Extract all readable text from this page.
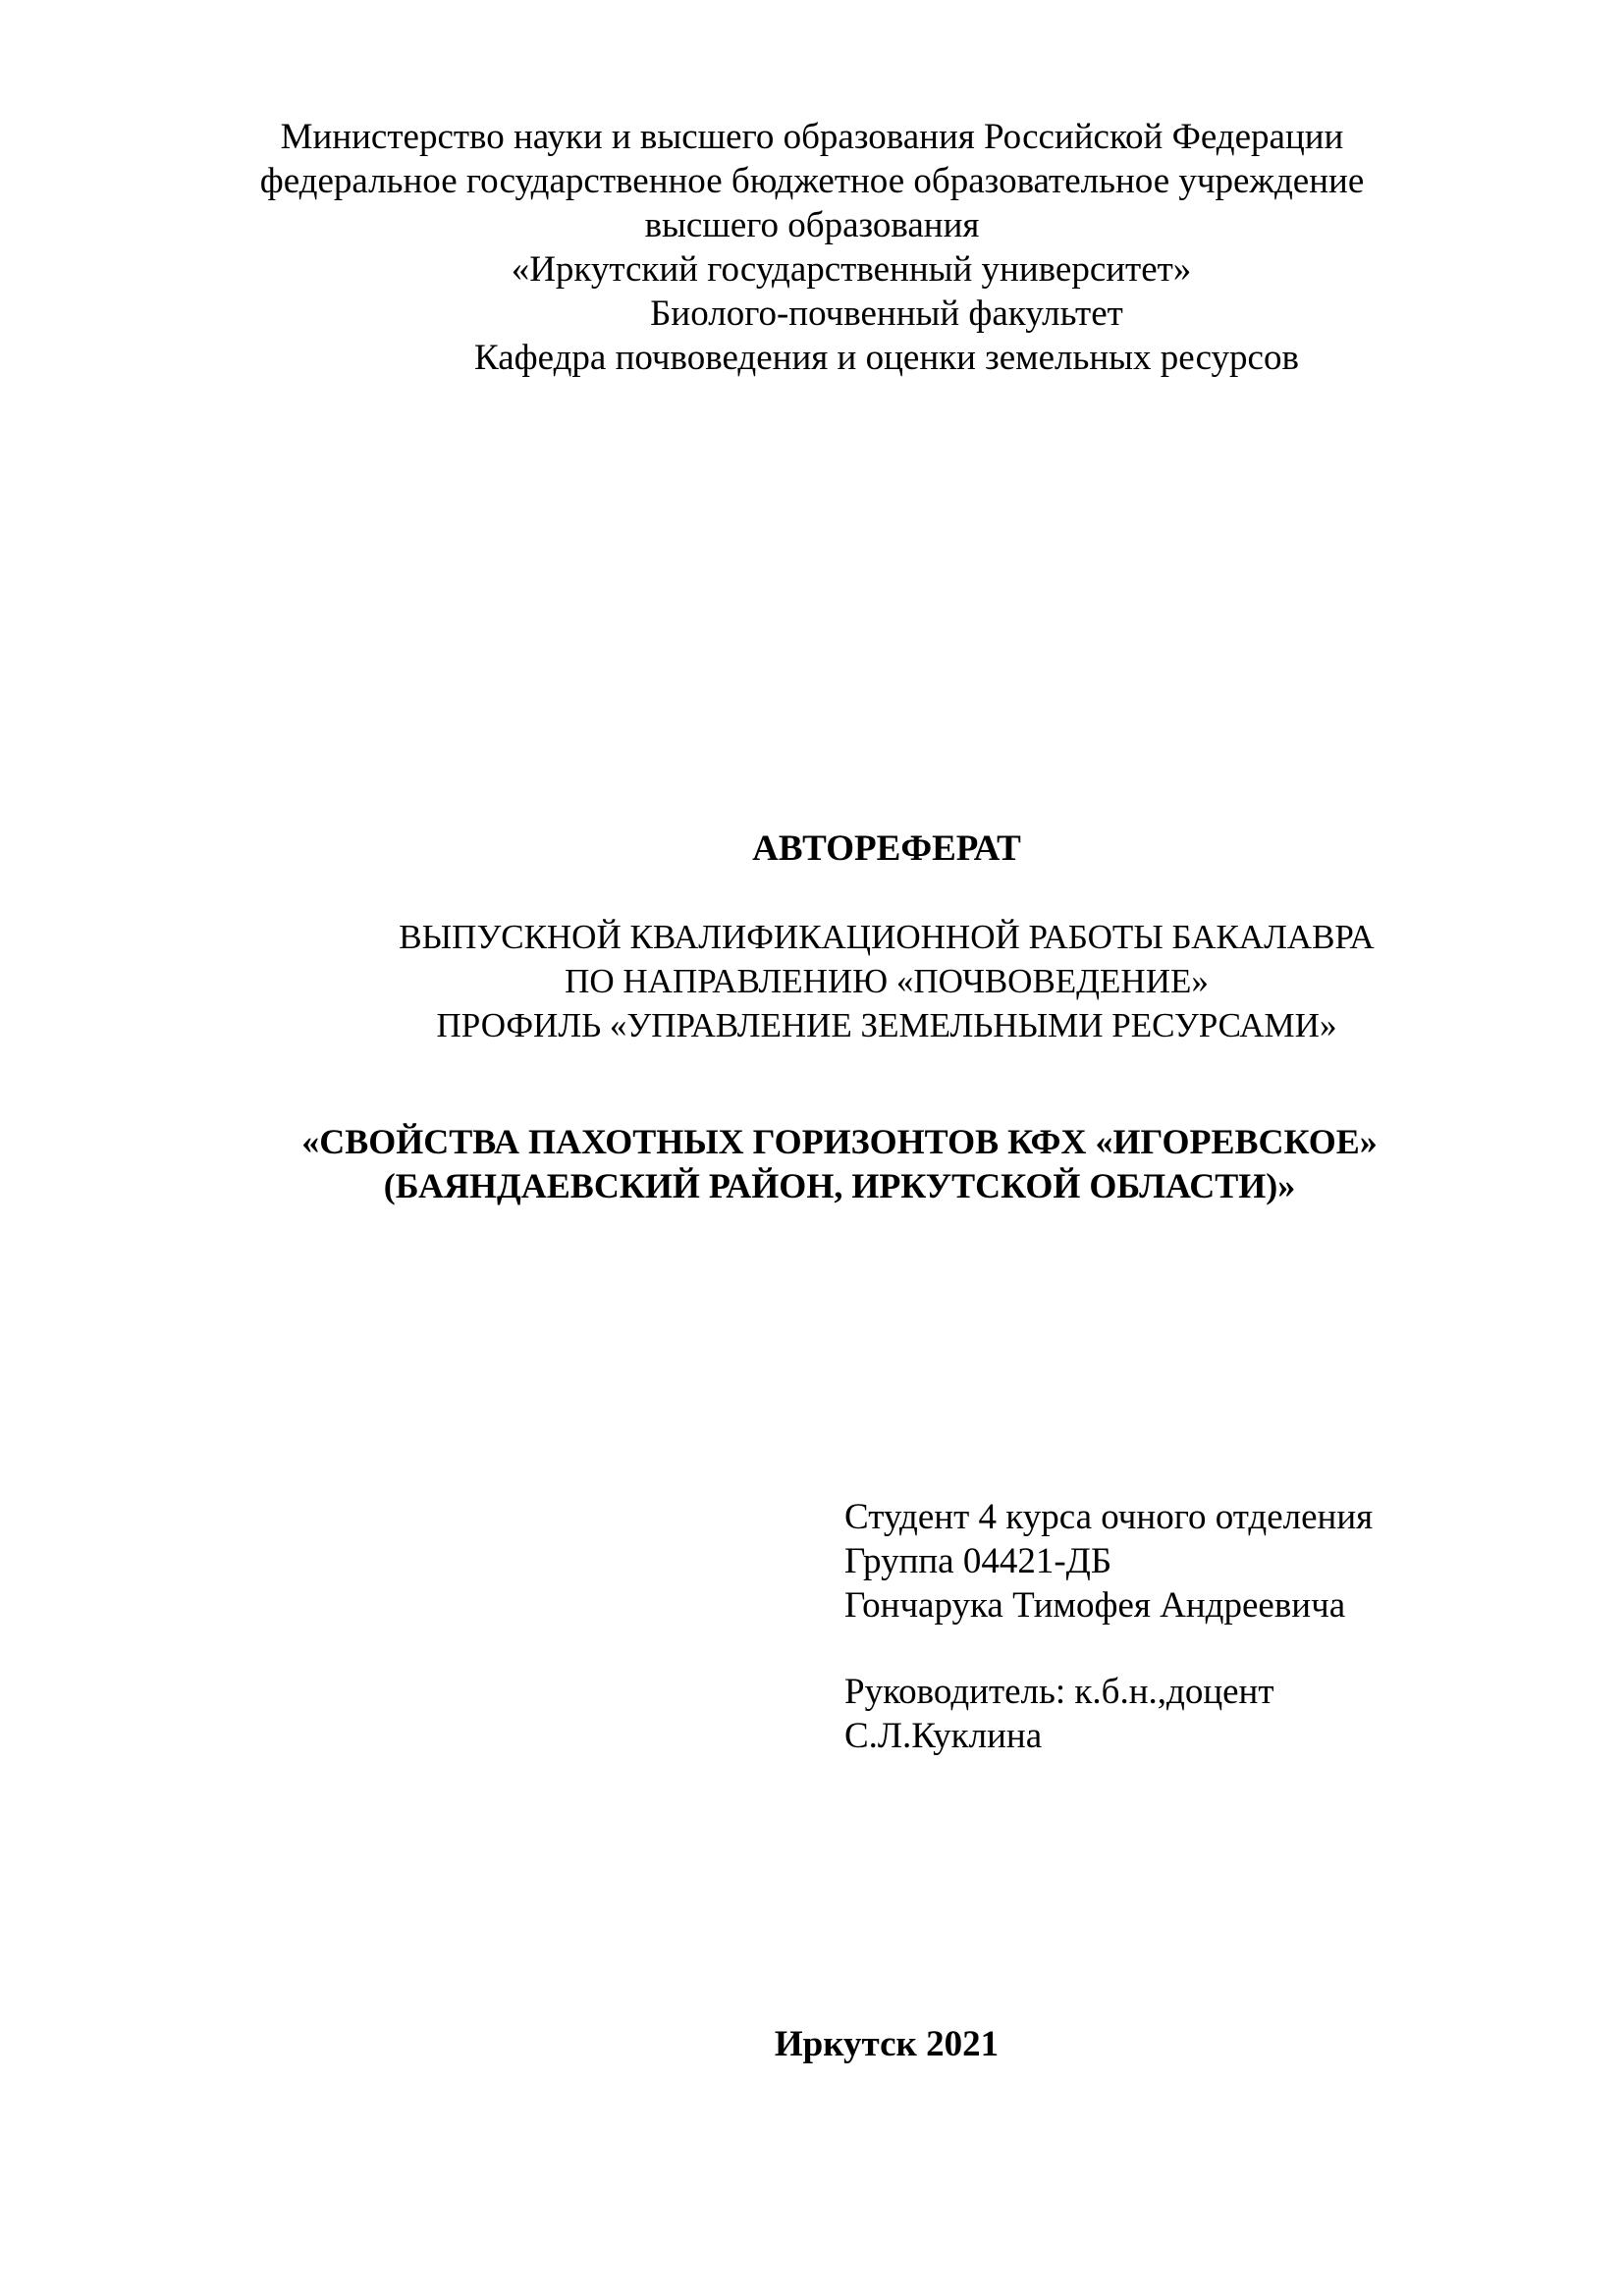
Министерство науки и высшего образования Российской Федерации
федеральное государственное бюджетное образовательное учреждение
высшего образования
«Иркутский государственный университет»
Биолого-почвенный факультет
Кафедра почвоведения и оценки земельных ресурсов
АВТОРЕФЕРАТ
ВЫПУСКНОЙ КВАЛИФИКАЦИОННОЙ РАБОТЫ БАКАЛАВРА
ПО НАПРАВЛЕНИЮ «ПОЧВОВЕДЕНИЕ»
ПРОФИЛЬ «УПРАВЛЕНИЕ ЗЕМЕЛЬНЫМИ РЕСУРСАМИ»
«СВОЙСТВА ПАХОТНЫХ ГОРИЗОНТОВ КФХ «ИГОРЕВСКОЕ»
(БАЯНДАЕВСКИЙ РАЙОН, ИРКУТСКОЙ ОБЛАСТИ)»
Студент 4 курса очного отделения
Группа 04421-ДБ
Гончарука Тимофея Андреевича
Руководитель: к.б.н.,доцент
С.Л.Куклина
Иркутск 2021
